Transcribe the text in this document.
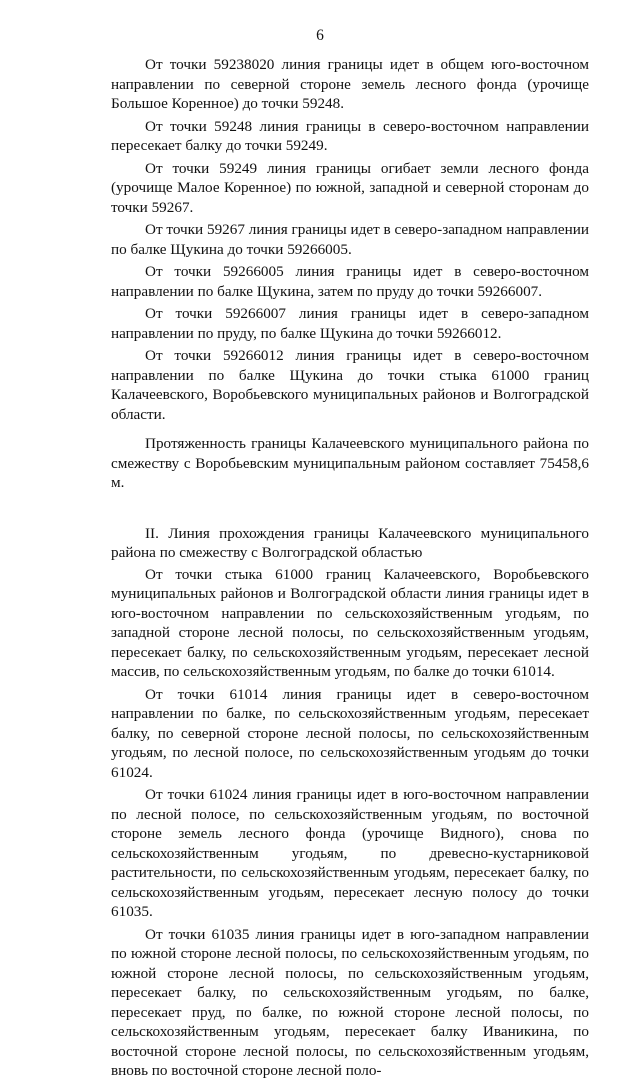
6

От точки 59238020 линия границы идет в общем юго-восточном направлении по северной стороне земель лесного фонда (урочище Большое Коренное) до точки 59248.

От точки 59248 линия границы в северо-восточном направлении пересекает балку до точки 59249.

От точки 59249 линия границы огибает земли лесного фонда (урочище Малое Коренное) по южной, западной и северной сторонам до точки 59267.

От точки 59267 линия границы идет в северо-западном направлении по балке Щукина до точки 59266005.

От точки 59266005 линия границы идет в северо-восточном направлении по балке Щукина, затем по пруду до точки 59266007.

От точки 59266007 линия границы идет в северо-западном направлении по пруду, по балке Щукина до точки 59266012.

От точки 59266012 линия границы идет в северо-восточном направлении по балке Щукина до точки стыка 61000 границ Калачеевского, Воробьевского муниципальных районов и Волгоградской области.

Протяженность границы Калачеевского муниципального района по смежеству с Воробьевским муниципальным районом составляет 75458,6 м.

II. Линия прохождения границы Калачеевского муниципального района по смежеству с Волгоградской областью

От точки стыка 61000 границ Калачеевского, Воробьевского муниципальных районов и Волгоградской области линия границы идет в юго-восточном направлении по сельскохозяйственным угодьям, по западной стороне лесной полосы, по сельскохозяйственным угодьям, пересекает балку, по сельскохозяйственным угодьям, пересекает лесной массив, по сельскохозяйственным угодьям, по балке до точки 61014.

От точки 61014 линия границы идет в северо-восточном направлении по балке, по сельскохозяйственным угодьям, пересекает балку, по северной стороне лесной полосы, по сельскохозяйственным угодьям, по лесной полосе, по сельскохозяйственным угодьям до точки 61024.

От точки 61024 линия границы идет в юго-восточном направлении по лесной полосе, по сельскохозяйственным угодьям, по восточной стороне земель лесного фонда (урочище Видного), снова по сельскохозяйственным угодьям, по древесно-кустарниковой растительности, по сельскохозяйственным угодьям, пересекает балку, по сельскохозяйственным угодьям, пересекает лесную полосу до точки 61035.

От точки 61035 линия границы идет в юго-западном направлении по южной стороне лесной полосы, по сельскохозяйственным угодьям, по южной стороне лесной полосы, по сельскохозяйственным угодьям, пересекает балку, по сельскохозяйственным угодьям, по балке, пересекает пруд, по балке, по южной стороне лесной полосы, по сельскохозяйственным угодьям, пересекает балку Иваникина, по восточной стороне лесной полосы, по сельскохозяйственным угодьям, вновь по восточной стороне лесной поло-
